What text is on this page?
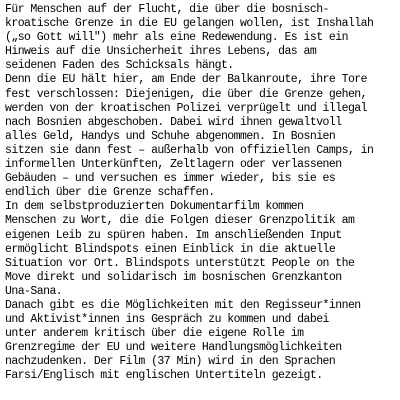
Für Menschen auf der Flucht, die über die bosnisch-
kroatische Grenze in die EU gelangen wollen, ist Inshallah
(„so Gott will") mehr als eine Redewendung. Es ist ein
Hinweis auf die Unsicherheit ihres Lebens, das am
seidenen Faden des Schicksals hängt.
Denn die EU hält hier, am Ende der Balkanroute, ihre Tore
fest verschlossen: Diejenigen, die über die Grenze gehen,
werden von der kroatischen Polizei verprügelt und illegal
nach Bosnien abgeschoben. Dabei wird ihnen gewaltvoll
alles Geld, Handys und Schuhe abgenommen. In Bosnien
sitzen sie dann fest – außerhalb von offiziellen Camps, in
informellen Unterkünften, Zeltlagern oder verlassenen
Gebäuden – und versuchen es immer wieder, bis sie es
endlich über die Grenze schaffen.
In dem selbstproduzierten Dokumentarfilm kommen
Menschen zu Wort, die die Folgen dieser Grenzpolitik am
eigenen Leib zu spüren haben. Im anschließenden Input
ermöglicht Blindspots einen Einblick in die aktuelle
Situation vor Ort. Blindspots unterstützt People on the
Move direkt und solidarisch im bosnischen Grenzkanton
Una-Sana.
Danach gibt es die Möglichkeiten mit den Regisseur*innen
und Aktivist*innen ins Gespräch zu kommen und dabei
unter anderem kritisch über die eigene Rolle im
Grenzregime der EU und weitere Handlungsmöglichkeiten
nachzudenken. Der Film (37 Min) wird in den Sprachen
Farsi/Englisch mit englischen Untertiteln gezeigt.
